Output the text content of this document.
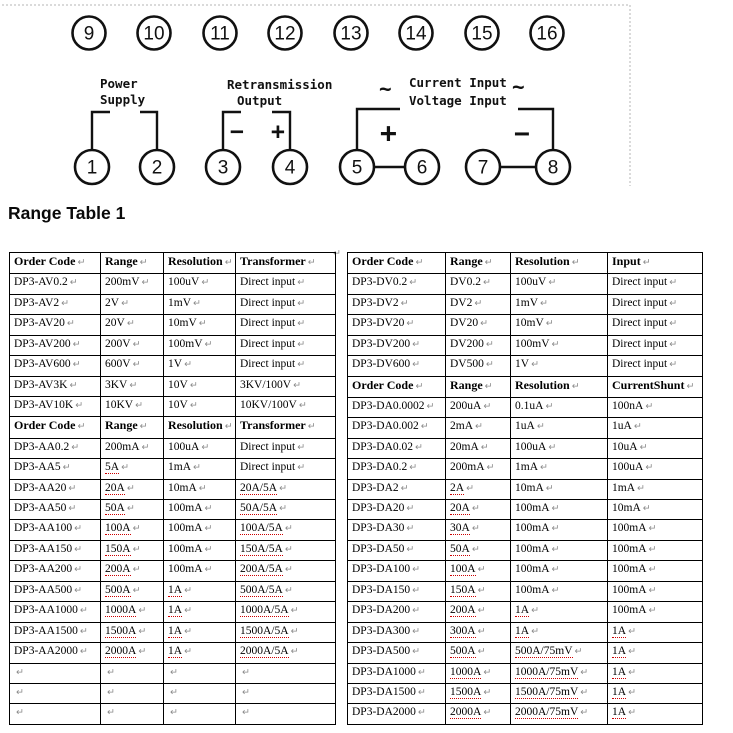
Power
Supply
Retransmission
Output
Current Input
Voltage Input
~	~
− +	+	−
9	10 11 12 13 14 15 16
1	2	3	4	5	6	7	8
Range Table 1
↵
Order Code ↵	Range ↵	Resolution ↵	Transformer ↵
DP3-AV0.2 ↵	200mV ↵	100uV ↵	Direct input ↵
DP3-AV2 ↵	2V ↵	1mV ↵	Direct input ↵
DP3-AV20 ↵	20V ↵	10mV ↵	Direct input ↵
DP3-AV200 ↵	200V ↵	100mV ↵	Direct input ↵
DP3-AV600 ↵	600V ↵	1V ↵	Direct input ↵
DP3-AV3K ↵	3KV ↵	10V ↵	3KV/100V ↵
DP3-AV10K ↵	10KV ↵	10V ↵	10KV/100V ↵
Order Code ↵	Range ↵	Resolution ↵	Transformer ↵
DP3-AA0.2 ↵	200mA ↵	100uA ↵	Direct input ↵
DP3-AA5 ↵	5A ↵	1mA ↵	Direct input ↵
DP3-AA20 ↵	20A ↵	10mA ↵	20A/5A ↵
DP3-AA50 ↵	50A ↵	100mA ↵	50A/5A ↵
DP3-AA100 ↵	100A ↵	100mA ↵	100A/5A ↵
DP3-AA150 ↵	150A ↵	100mA ↵	150A/5A ↵
DP3-AA200 ↵	200A ↵	100mA ↵	200A/5A ↵
DP3-AA500 ↵	500A ↵	1A ↵	500A/5A ↵
DP3-AA1000 ↵	1000A ↵	1A ↵	1000A/5A ↵
DP3-AA1500 ↵	1500A ↵	1A ↵	1500A/5A ↵
DP3-AA2000 ↵	2000A ↵	1A ↵	2000A/5A ↵
↵	↵	↵	↵
↵	↵	↵	↵
↵	↵	↵	↵
Order Code ↵	Range ↵	Resolution ↵	Input ↵
DP3-DV0.2 ↵	DV0.2 ↵	100uV ↵	Direct input ↵
DP3-DV2 ↵	DV2 ↵	1mV ↵	Direct input ↵
DP3-DV20 ↵	DV20 ↵	10mV ↵	Direct input ↵
DP3-DV200 ↵	DV200 ↵	100mV ↵	Direct input ↵
DP3-DV600 ↵	DV500 ↵	1V ↵	Direct input ↵
Order Code ↵	Range ↵	Resolution ↵	CurrentShunt ↵
DP3-DA0.0002 ↵	200uA ↵	0.1uA ↵	100nA ↵
DP3-DA0.002 ↵	2mA ↵	1uA ↵	1uA ↵
DP3-DA0.02 ↵	20mA ↵	100uA ↵	10uA ↵
DP3-DA0.2 ↵	200mA ↵	1mA ↵	100uA ↵
DP3-DA2 ↵	2A ↵	10mA ↵	1mA ↵
DP3-DA20 ↵	20A ↵	100mA ↵	10mA ↵
DP3-DA30 ↵	30A ↵	100mA ↵	100mA ↵
DP3-DA50 ↵	50A ↵	100mA ↵	100mA ↵
DP3-DA100 ↵	100A ↵	100mA ↵	100mA ↵
DP3-DA150 ↵	150A ↵	100mA ↵	100mA ↵
DP3-DA200 ↵	200A ↵	1A ↵	100mA ↵
DP3-DA300 ↵	300A ↵	1A ↵	1A ↵
DP3-DA500 ↵	500A ↵	500A/75mV ↵	1A ↵
DP3-DA1000 ↵	1000A ↵	1000A/75mV ↵	1A ↵
DP3-DA1500 ↵	1500A ↵	1500A/75mV ↵	1A ↵
DP3-DA2000 ↵	2000A ↵	2000A/75mV ↵	1A ↵
